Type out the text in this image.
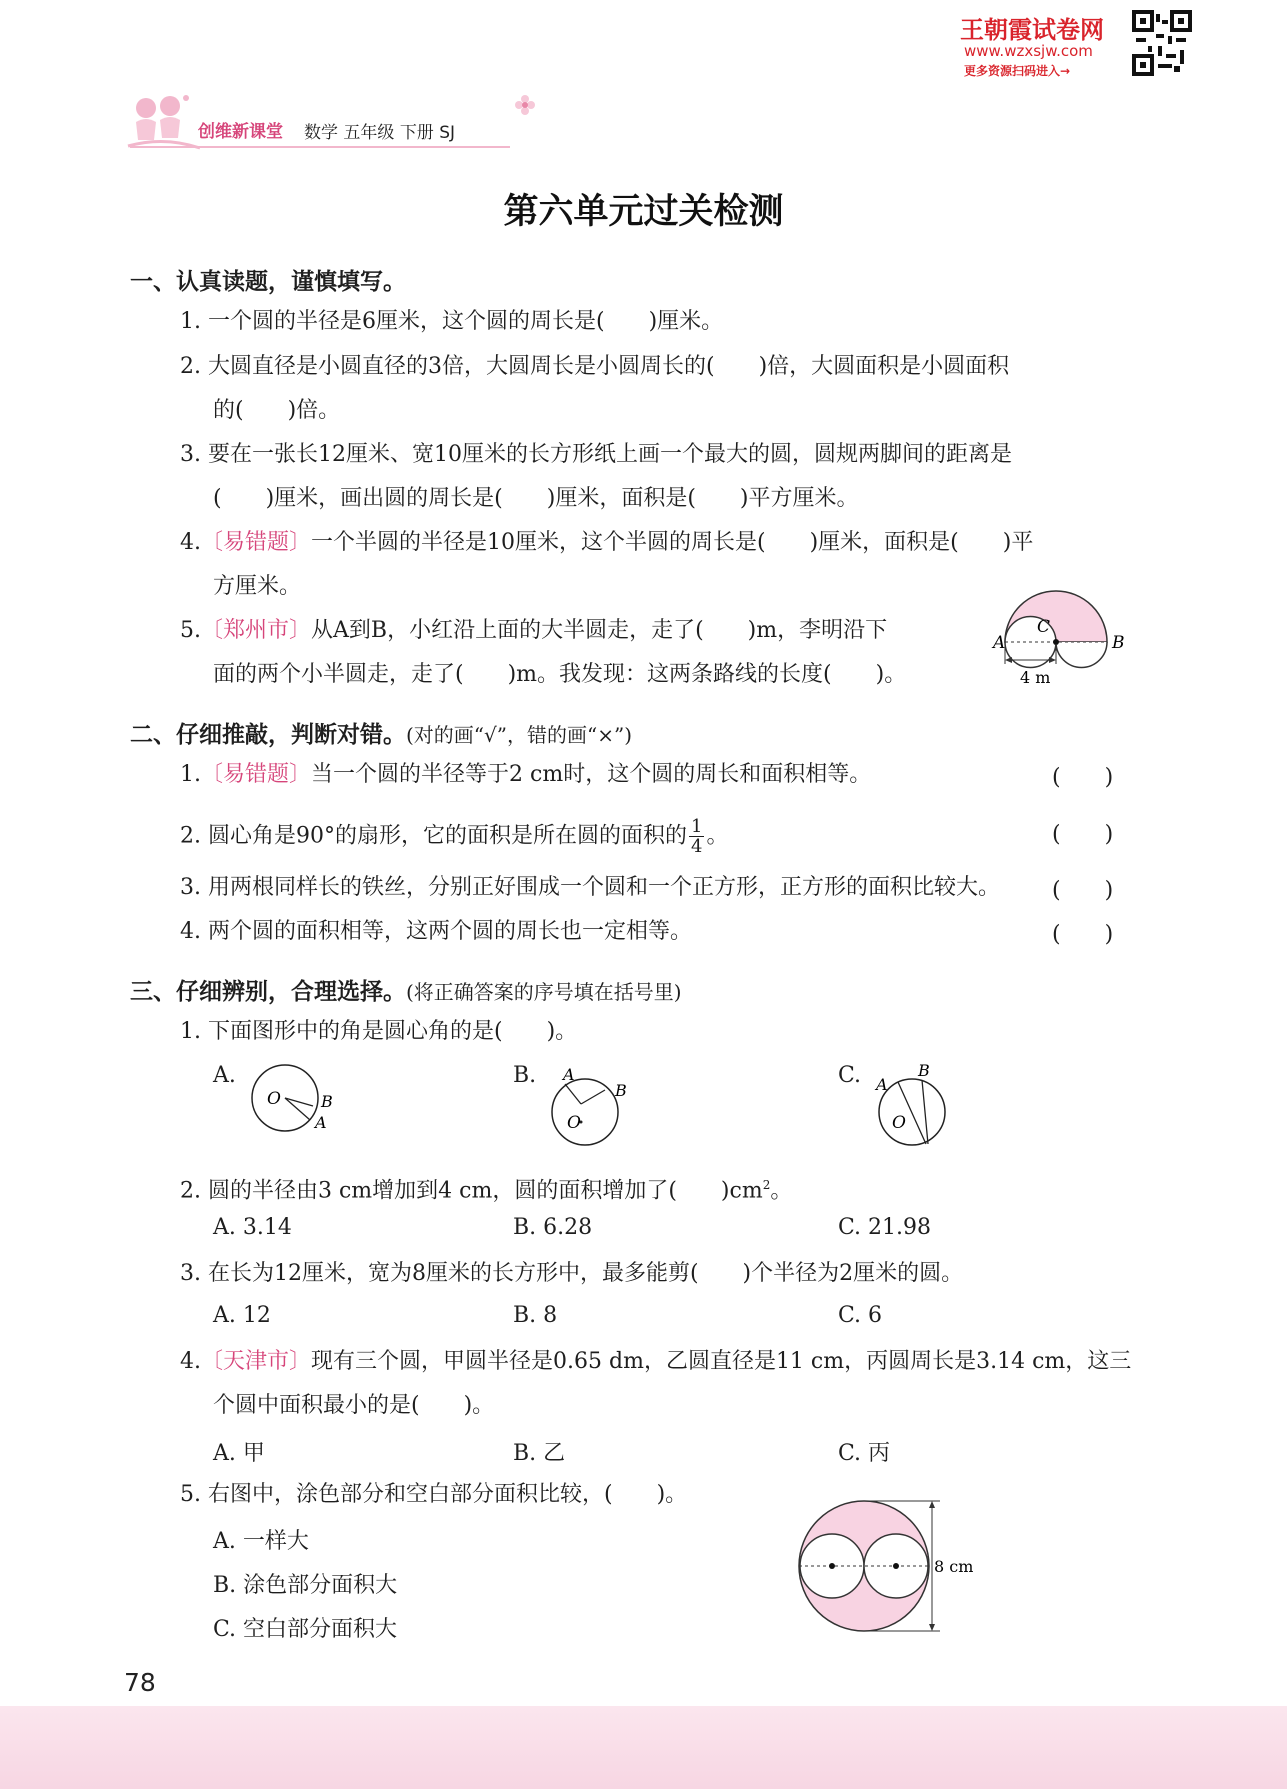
王朝霞试卷网
www.wzxsjw.com
更多资源扫码进入→
创维新课堂 数学 五年级 下册 SJ
第六单元过关检测
一、认真读题，谨慎填写。
1. 一个圆的半径是6厘米，这个圆的周长是(　　)厘米。
2. 大圆直径是小圆直径的3倍，大圆周长是小圆周长的(　　)倍，大圆面积是小圆面积
的(　　)倍。
3. 要在一张长12厘米、宽10厘米的长方形纸上画一个最大的圆，圆规两脚间的距离是
(　　)厘米，画出圆的周长是(　　)厘米，面积是(　　)平方厘米。
4.〔易错题〕一个半圆的半径是10厘米，这个半圆的周长是(　　)厘米，面积是(　　)平
方厘米。
5.〔郑州市〕从A到B，小红沿上面的大半圆走，走了(　　)m，李明沿下
面的两个小半圆走，走了(　　)m。我发现：这两条路线的长度(　　)。
A	B
C
4 m
二、仔细推敲，判断对错。(对的画“√”，错的画“×”)
1.〔易错题〕当一个圆的半径等于2 cm时，这个圆的周长和面积相等。	(　　)
2. 圆心角是90°的扇形，它的面积是所在圆的面积的 $\frac{1}{4}$ 。	(　　)
3. 用两根同样长的铁丝，分别正好围成一个圆和一个正方形，正方形的面积比较大。 (　　)
4. 两个圆的面积相等，这两个圆的周长也一定相等。	(　　)
三、仔细辨别，合理选择。(将正确答案的序号填在括号里)
1. 下面图形中的角是圆心角的是(　　)。
A.
O	B
A
B. A
B
O
C. A
B
O
2. 圆的半径由3 cm增加到4 cm，圆的面积增加了(　　)$cm^2$。
A. 3.14	B. 6.28	C. 21.98
3. 在长为12厘米，宽为8厘米的长方形中，最多能剪(　　)个半径为2厘米的圆。
A. 12	B. 8	C. 6
4.〔天津市〕现有三个圆，甲圆半径是0.65 dm，乙圆直径是11 cm，丙圆周长是3.14 cm，这三
个圆中面积最小的是(　　)。
A. 甲	B. 乙	C. 丙
5. 右图中，涂色部分和空白部分面积比较，(　　)。
A. 一样大
B. 涂色部分面积大
C. 空白部分面积大
8 cm
78
